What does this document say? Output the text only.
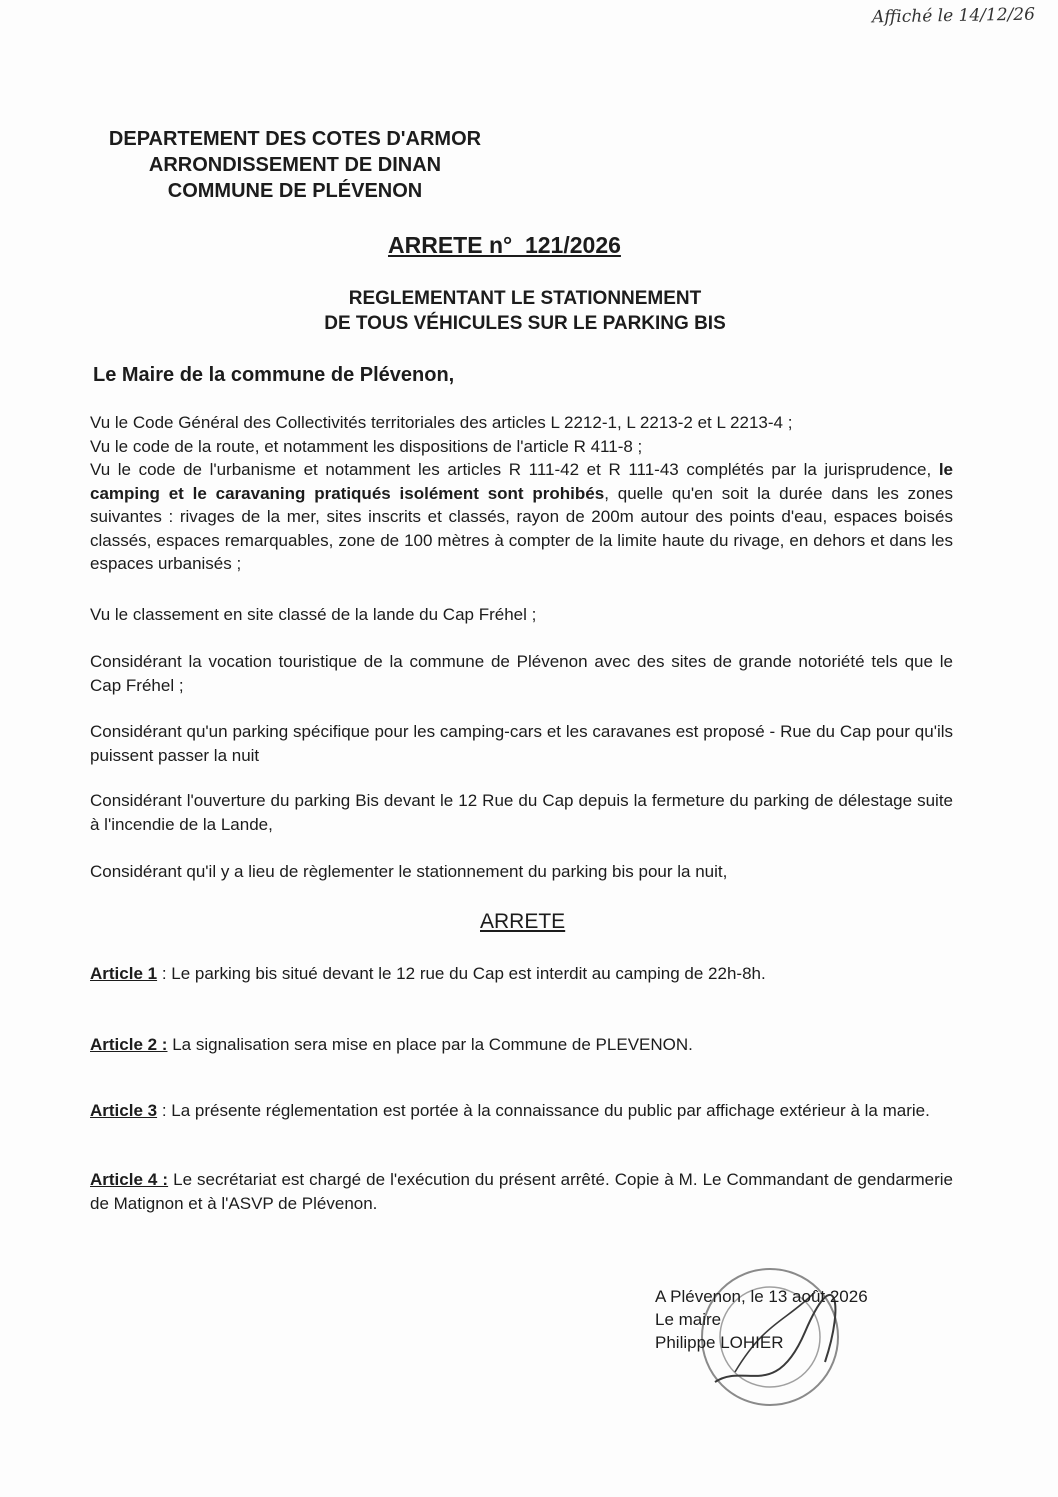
Affiché le 14/12/26
DEPARTEMENT DES COTES D'ARMOR
ARRONDISSEMENT DE DINAN
COMMUNE DE PLÉVENON
ARRETE n°  121/2026
REGLEMENTANT LE STATIONNEMENT
DE TOUS VÉHICULES SUR LE PARKING BIS
Le Maire de la commune de Plévenon,

Vu le Code Général des Collectivités territoriales des articles L 2212-1, L 2213-2 et L 2213-4 ;

Vu le code de la route, et notamment les dispositions de l'article R 411-8 ;

Vu le code de l'urbanisme et notamment les articles R 111-42 et R 111-43 complétés par la jurisprudence, le camping et le caravaning pratiqués isolément sont prohibés, quelle qu'en soit la durée dans les zones suivantes : rivages de la mer, sites inscrits et classés, rayon de 200m autour des points d'eau, espaces boisés classés, espaces remarquables, zone de 100 mètres à compter de la limite haute du rivage, en dehors et dans les espaces urbanisés ;

Vu le classement en site classé de la lande du Cap Fréhel ;
Considérant la vocation touristique de la commune de Plévenon avec des sites de grande notoriété tels que le Cap Fréhel ;
Considérant qu'un parking spécifique pour les camping-cars et les caravanes est proposé - Rue du Cap pour qu'ils puissent passer la nuit
Considérant l'ouverture du parking Bis devant le 12 Rue du Cap depuis la fermeture du parking de délestage suite à l'incendie de la Lande,
Considérant qu'il y a lieu de règlementer le stationnement du parking bis pour la nuit,
ARRETE
Article 1 : Le parking bis situé devant le 12 rue du Cap est interdit au camping de 22h-8h.
Article 2 : La signalisation sera mise en place par la Commune de PLEVENON.
Article 3 : La présente réglementation est portée à la connaissance du public par affichage extérieur à la marie.
Article 4 : Le secrétariat est chargé de l'exécution du présent arrêté. Copie à M. Le Commandant de gendarmerie de Matignon et à l'ASVP de Plévenon.
A Plévenon, le 13 août 2026
Le maire
Philippe LOHIER
